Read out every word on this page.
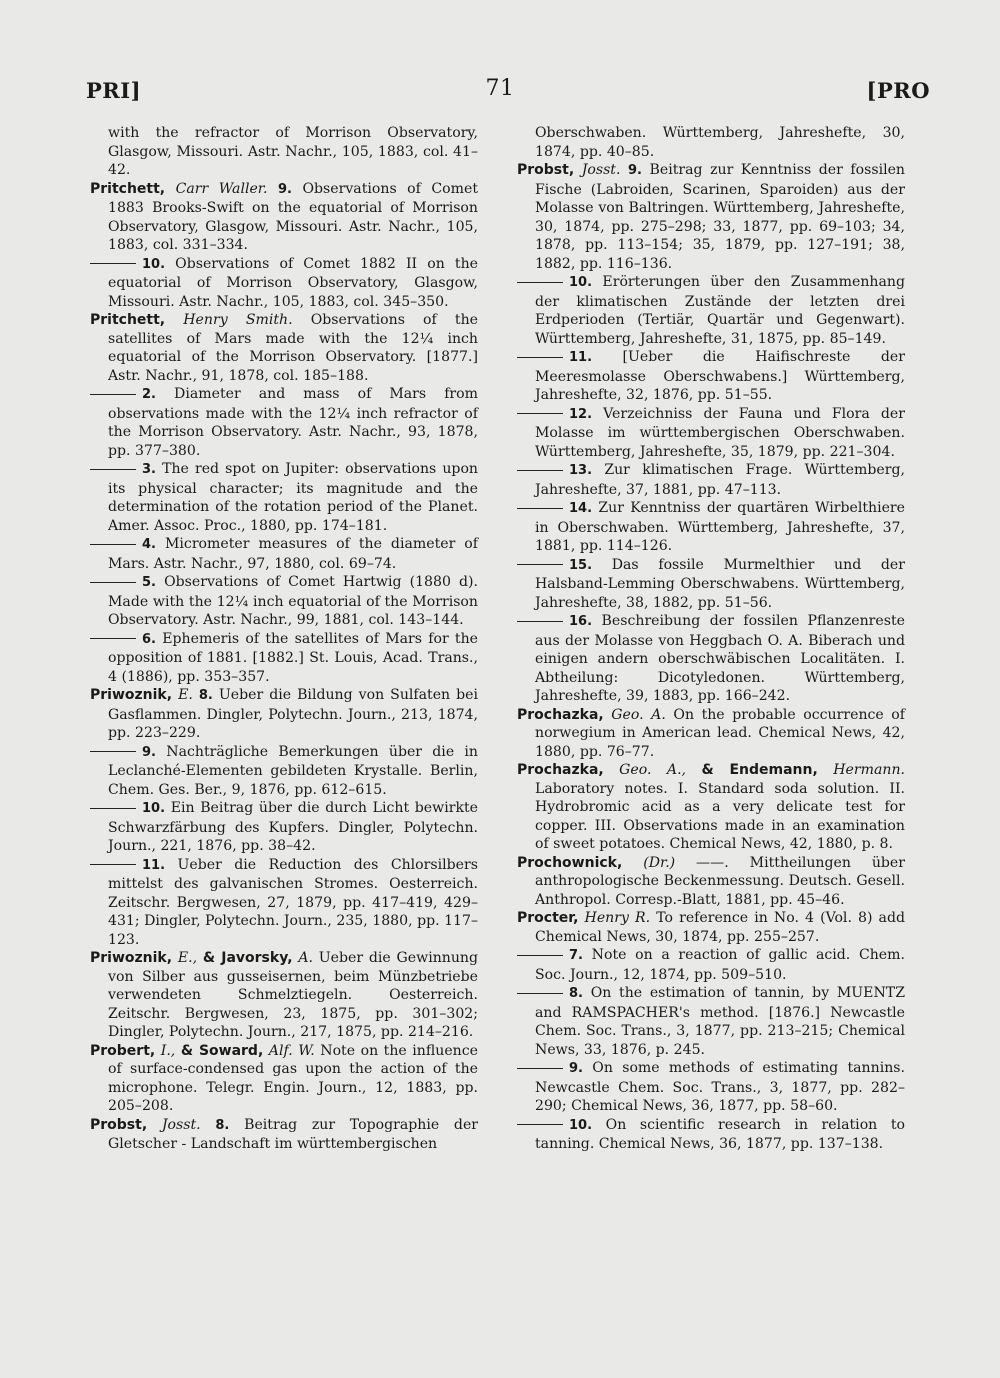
PRI]	71	[PRO

with the refractor of Morrison Observatory, Glasgow, Missouri. Astr. Nachr., 105, 1883, col. 41–42.

Pritchett, Carr Waller. 9. Observations of Comet 1883 Brooks-Swift on the equatorial of Morrison Observatory, Glasgow, Missouri. Astr. Nachr., 105, 1883, col. 331–334.

10. Observations of Comet 1882 II on the equatorial of Morrison Observatory, Glasgow, Missouri. Astr. Nachr., 105, 1883, col. 345–350.

Pritchett, Henry Smith. Observations of the satellites of Mars made with the 12¼ inch equatorial of the Morrison Observatory. [1877.] Astr. Nachr., 91, 1878, col. 185–188.

2. Diameter and mass of Mars from observations made with the 12¼ inch refractor of the Morrison Observatory. Astr. Nachr., 93, 1878, pp. 377–380.

3. The red spot on Jupiter: observations upon its physical character; its magnitude and the determination of the rotation period of the Planet. Amer. Assoc. Proc., 1880, pp. 174–181.

4. Micrometer measures of the diameter of Mars. Astr. Nachr., 97, 1880, col. 69–74.

5. Observations of Comet Hartwig (1880 d). Made with the 12¼ inch equatorial of the Morrison Observatory. Astr. Nachr., 99, 1881, col. 143–144.

6. Ephemeris of the satellites of Mars for the opposition of 1881. [1882.] St. Louis, Acad. Trans., 4 (1886), pp. 353–357.

Priwoznik, E. 8. Ueber die Bildung von Sulfaten bei Gasflammen. Dingler, Polytechn. Journ., 213, 1874, pp. 223–229.

9. Nachträgliche Bemerkungen über die in Leclanché-Elementen gebildeten Krystalle. Berlin, Chem. Ges. Ber., 9, 1876, pp. 612–615.

10. Ein Beitrag über die durch Licht bewirkte Schwarzfärbung des Kupfers. Dingler, Polytechn. Journ., 221, 1876, pp. 38–42.

11. Ueber die Reduction des Chlorsilbers mittelst des galvanischen Stromes. Oesterreich. Zeitschr. Bergwesen, 27, 1879, pp. 417–419, 429–431; Dingler, Polytechn. Journ., 235, 1880, pp. 117–123.

Priwoznik, E., & Javorsky, A. Ueber die Gewinnung von Silber aus gusseisernen, beim Münzbetriebe verwendeten Schmelztiegeln. Oesterreich. Zeitschr. Bergwesen, 23, 1875, pp. 301–302; Dingler, Polytechn. Journ., 217, 1875, pp. 214–216.

Probert, I., & Soward, Alf. W. Note on the influence of surface-condensed gas upon the action of the microphone. Telegr. Engin. Journ., 12, 1883, pp. 205–208.

Probst, Josst. 8. Beitrag zur Topographie der Gletscher - Landschaft im württembergischen

Oberschwaben. Württemberg, Jahreshefte, 30, 1874, pp. 40–85.

Probst, Josst. 9. Beitrag zur Kenntniss der fossilen Fische (Labroiden, Scarinen, Sparoiden) aus der Molasse von Baltringen. Württemberg, Jahreshefte, 30, 1874, pp. 275–298; 33, 1877, pp. 69–103; 34, 1878, pp. 113–154; 35, 1879, pp. 127–191; 38, 1882, pp. 116–136.

10. Erörterungen über den Zusammenhang der klimatischen Zustände der letzten drei Erdperioden (Tertiär, Quartär und Gegenwart). Württemberg, Jahreshefte, 31, 1875, pp. 85–149.

11. [Ueber die Haifischreste der Meeresmolasse Oberschwabens.] Württemberg, Jahreshefte, 32, 1876, pp. 51–55.

12. Verzeichniss der Fauna und Flora der Molasse im württembergischen Oberschwaben. Württemberg, Jahreshefte, 35, 1879, pp. 221–304.

13. Zur klimatischen Frage. Württemberg, Jahreshefte, 37, 1881, pp. 47–113.

14. Zur Kenntniss der quartären Wirbelthiere in Oberschwaben. Württemberg, Jahreshefte, 37, 1881, pp. 114–126.

15. Das fossile Murmelthier und der Halsband-Lemming Oberschwabens. Württemberg, Jahreshefte, 38, 1882, pp. 51–56.

16. Beschreibung der fossilen Pflanzenreste aus der Molasse von Heggbach O. A. Biberach und einigen andern oberschwäbischen Localitäten. I. Abtheilung: Dicotyledonen. Württemberg, Jahreshefte, 39, 1883, pp. 166–242.

Prochazka, Geo. A. On the probable occurrence of norwegium in American lead. Chemical News, 42, 1880, pp. 76–77.

Prochazka, Geo. A., & Endemann, Hermann. Laboratory notes. I. Standard soda solution. II. Hydrobromic acid as a very delicate test for copper. III. Observations made in an examination of sweet potatoes. Chemical News, 42, 1880, p. 8.

Prochownick, (Dr.) ——. Mittheilungen über anthropologische Beckenmessung. Deutsch. Gesell. Anthropol. Corresp.-Blatt, 1881, pp. 45–46.

Procter, Henry R. To reference in No. 4 (Vol. 8) add Chemical News, 30, 1874, pp. 255–257.

7. Note on a reaction of gallic acid. Chem. Soc. Journ., 12, 1874, pp. 509–510.

8. On the estimation of tannin, by MUENTZ and RAMSPACHER's method. [1876.] Newcastle Chem. Soc. Trans., 3, 1877, pp. 213–215; Chemical News, 33, 1876, p. 245.

9. On some methods of estimating tannins. Newcastle Chem. Soc. Trans., 3, 1877, pp. 282–290; Chemical News, 36, 1877, pp. 58–60.

10. On scientific research in relation to tanning. Chemical News, 36, 1877, pp. 137–138.
